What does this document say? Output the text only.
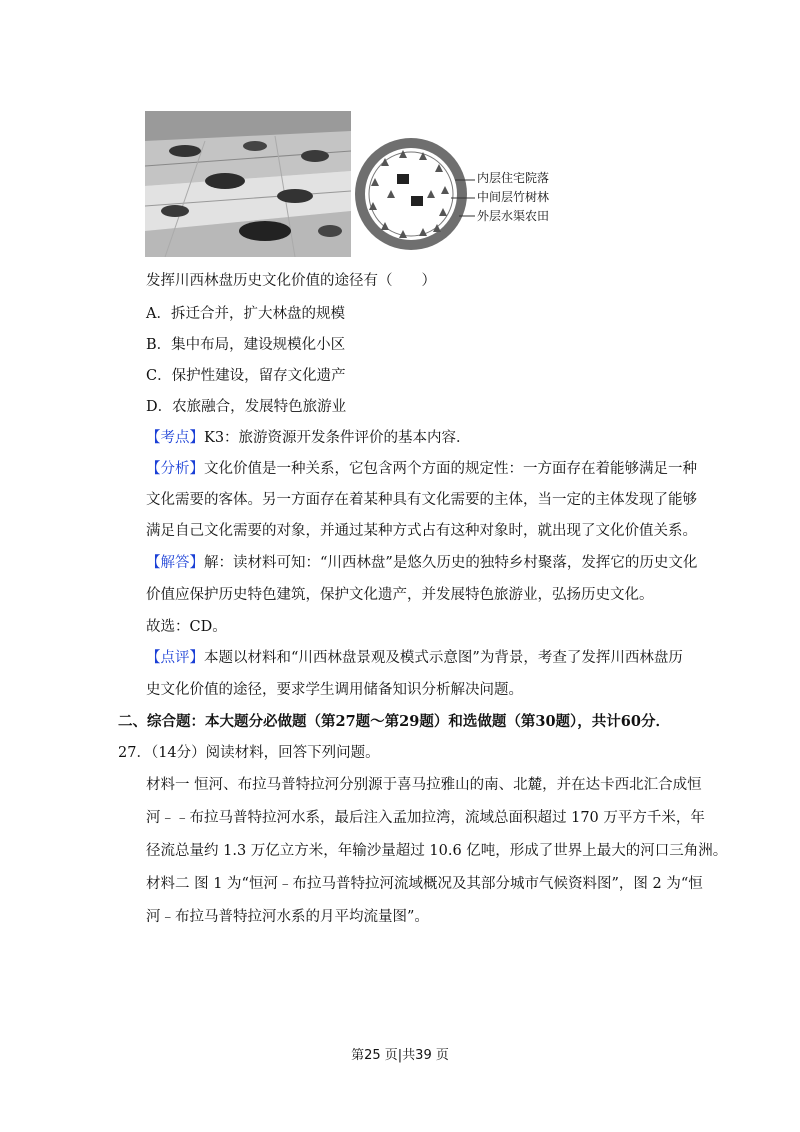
内层住宅院落
中间层竹树林
外层水渠农田
发挥川西林盘历史文化价值的途径有（　　）
A．拆迁合并，扩大林盘的规模
B．集中布局，建设规模化小区
C．保护性建设，留存文化遗产
D．农旅融合，发展特色旅游业
【考点】K3：旅游资源开发条件评价的基本内容．
【分析】文化价值是一种关系，它包含两个方面的规定性：一方面存在着能够满足一种
文化需要的客体。另一方面存在着某种具有文化需要的主体，当一定的主体发现了能够
满足自己文化需要的对象，并通过某种方式占有这种对象时，就出现了文化价值关系。
【解答】解：读材料可知：“川西林盘”是悠久历史的独特乡村聚落，发挥它的历史文化
价值应保护历史特色建筑，保护文化遗产，并发展特色旅游业，弘扬历史文化。
故选：CD。
【点评】本题以材料和“川西林盘景观及模式示意图”为背景，考查了发挥川西林盘历
史文化价值的途径，要求学生调用储备知识分析解决问题。
二、综合题：本大题分必做题（第27题～第29题）和选做题（第30题），共计60分．
27．（14分）阅读材料，回答下列问题。
材料一 恒河、布拉马普特拉河分别源于喜马拉雅山的南、北麓，并在达卡西北汇合成恒
河﹣﹣布拉马普特拉河水系，最后注入孟加拉湾，流域总面积超过 170 万平方千米，年
径流总量约 1.3 万亿立方米，年输沙量超过 10.6 亿吨，形成了世界上最大的河口三角洲。
材料二 图 1 为“恒河﹣布拉马普特拉河流域概况及其部分城市气候资料图”，图 2 为“恒
河﹣布拉马普特拉河水系的月平均流量图”。
第25 页|共39 页
